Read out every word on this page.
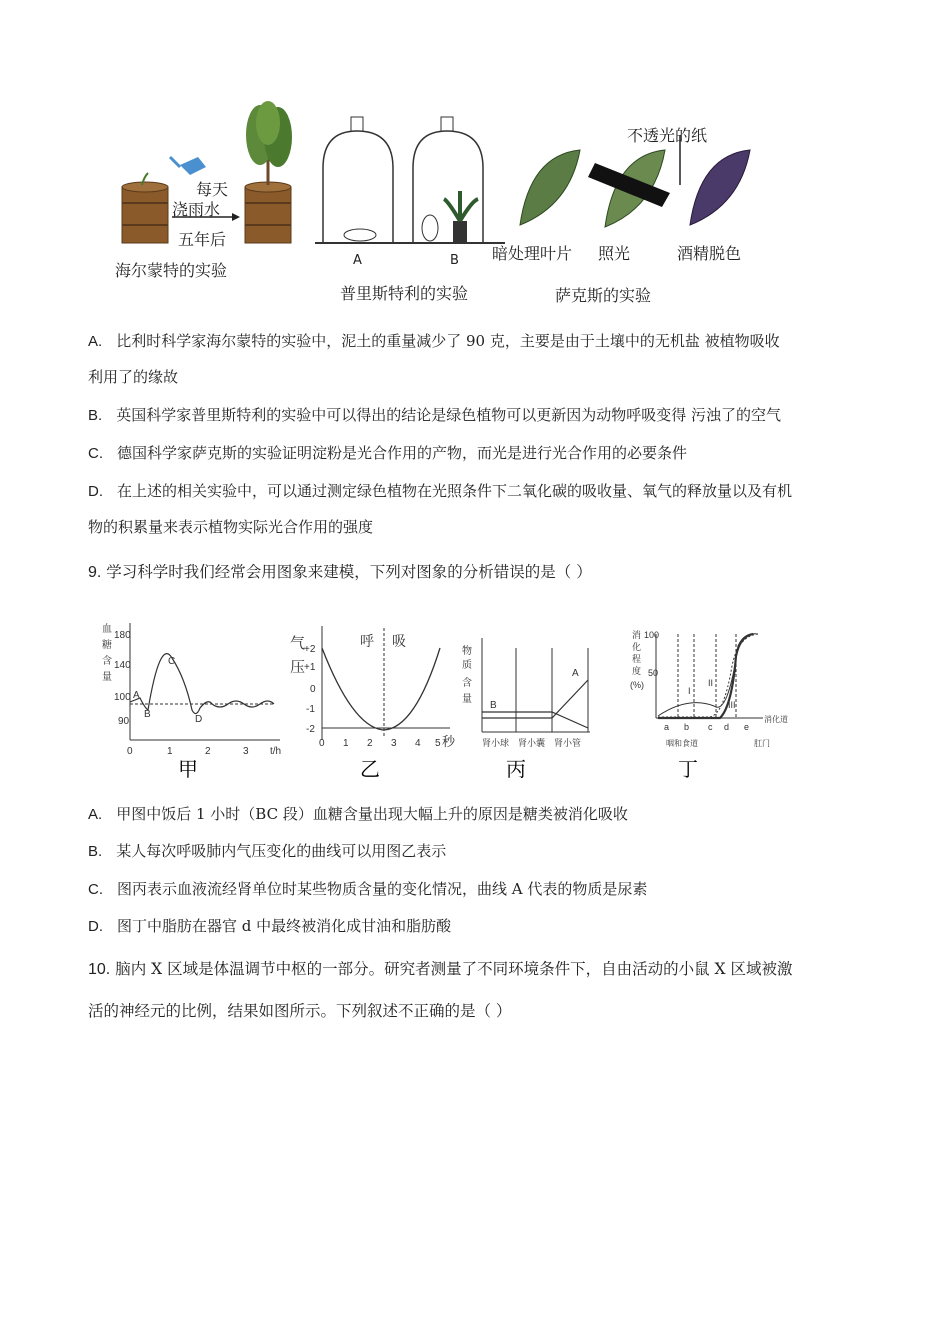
每天
浇雨水
五年后
海尔蒙特的实验
A	B
普里斯特利的实验
不透光的纸
暗处理叶片 照光	酒精脱色
萨克斯的实验
A. 比利时科学家海尔蒙特的实验中，泥土的重量减少了 90 克，主要是由于土壤中的无机盐 被植物吸收
利用了的缘故
B. 英国科学家普里斯特利的实验中可以得出的结论是绿色植物可以更新因为动物呼吸变得 污浊了的空气
C. 德国科学家萨克斯的实验证明淀粉是光合作用的产物，而光是进行光合作用的必要条件
D. 在上述的相关实验中，可以通过测定绿色植物在光照条件下二氧化碳的吸收量、氧气的释放量以及有机
物的积累量来表示植物实际光合作用的强度
9. 学习科学时我们经常会用图象来建模，下列对图象的分析错误的是（ ）
血
糖
含
量
180
140
100
90
A
B
C
D
0	1	2	3 t/h
甲
气
压
+2
+1
0
-1
-2
呼 吸
0 1 2 3 4 5 秒
乙
物
质
含
量
A
B
肾小球 肾小囊 肾小管
丙
消
化
程
度
(%)
100
50
I
II
III
a b c d e
消化道
咽和食道	肛门
丁
A. 甲图中饭后 1 小时（BC 段）血糖含量出现大幅上升的原因是糖类被消化吸收
B. 某人每次呼吸肺内气压变化的曲线可以用图乙表示
C. 图丙表示血液流经肾单位时某些物质含量的变化情况，曲线 A 代表的物质是尿素
D. 图丁中脂肪在器官 d 中最终被消化成甘油和脂肪酸
10. 脑内 X 区域是体温调节中枢的一部分。研究者测量了不同环境条件下，自由活动的小鼠 X 区域被激
活的神经元的比例，结果如图所示。下列叙述不正确的是（ ）
